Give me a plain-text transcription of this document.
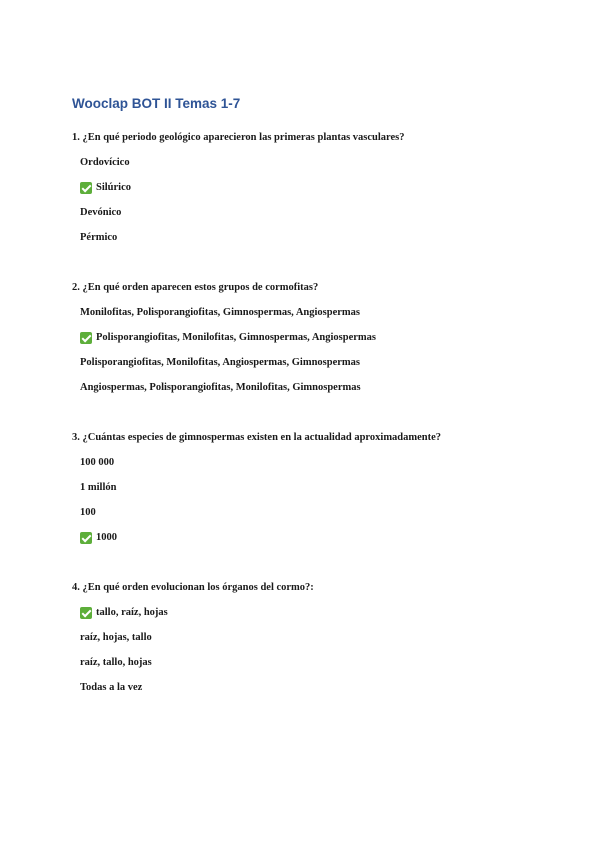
Wooclap BOT II Temas 1-7

1. ¿En qué periodo geológico aparecieron las primeras plantas vasculares?

Ordovícico
Silúrico
Devónico
Pérmico

2. ¿En qué orden aparecen estos grupos de cormofitas?

Monilofitas, Polisporangiofitas, Gimnospermas, Angiospermas
Polisporangiofitas, Monilofitas, Gimnospermas, Angiospermas
Polisporangiofitas, Monilofitas, Angiospermas, Gimnospermas
Angiospermas, Polisporangiofitas, Monilofitas, Gimnospermas

3. ¿Cuántas especies de gimnospermas existen en la actualidad aproximadamente?

100 000
1 millón
100
1000

4. ¿En qué orden evolucionan los órganos del cormo?:

tallo, raíz, hojas
raíz, hojas, tallo
raíz, tallo, hojas
Todas a la vez
